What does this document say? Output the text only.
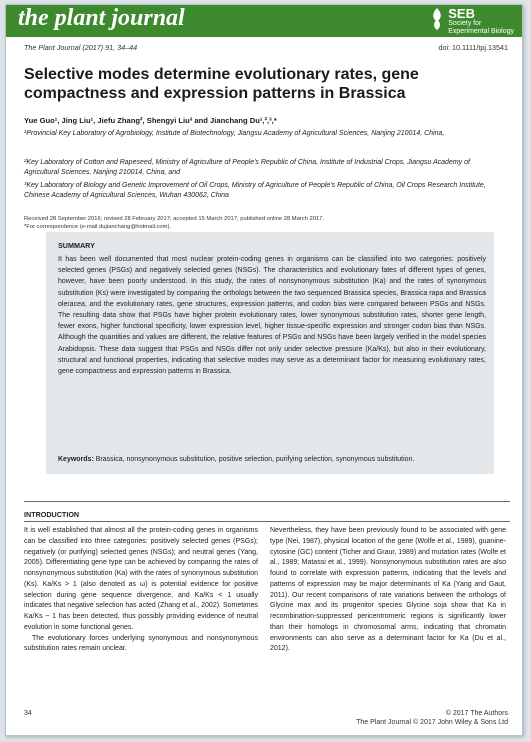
the plant journal	SEB
Society for
Experimental Biology
The Plant Journal (2017) 91, 34–44	doi: 10.1111/tpj.13541
Selective modes determine evolutionary rates, gene compactness and expression patterns in Brassica
Yue Guo¹, Jing Liu¹, Jiefu Zhang², Shengyi Liu³ and Jianchang Du¹,²,³,*
¹Provincial Key Laboratory of Agrobiology, Institute of Biotechnology, Jiangsu Academy of Agricultural Sciences, Nanjing 210014, China,
²Key Laboratory of Cotton and Rapeseed, Ministry of Agriculture of People's Republic of China, Institute of Industrial Crops, Jiangsu Academy of Agricultural Sciences, Nanjing 210014, China, and
³Key Laboratory of Biology and Genetic Improvement of Oil Crops, Ministry of Agriculture of People's Republic of China, Oil Crops Research Institute, Chinese Academy of Agricultural Sciences, Wuhan 430062, China
Received 28 September 2016; revised 28 February 2017; accepted 15 March 2017; published online 28 March 2017.
*For correspondence (e-mail dujianchang@hotmail.com).
SUMMARY
It has been well documented that most nuclear protein-coding genes in organisms can be classified into two categories: positively selected genes (PSGs) and negatively selected genes (NSGs). The characteristics and evolutionary fates of different types of genes, however, have been poorly understood. In this study, the rates of nonsynonymous substitution (Ka) and the rates of synonymous substitution (Ks) were investigated by comparing the orthologs between the two sequenced Brassica species, Brassica rapa and Brassica oleracea, and the evolutionary rates, gene structures, expression patterns, and codon bias were compared between PSGs and NSGs. The resulting data show that PSGs have higher protein evolutionary rates, lower synonymous substitution rates, shorter gene length, fewer exons, higher functional specificity, lower expression level, higher tissue-specific expression and stronger codon bias than NSGs. Although the quantities and values are different, the relative features of PSGs and NSGs have been largely verified in the model species Arabidopsis. These data suggest that PSGs and NSGs differ not only under selective pressure (Ka/Ks), but also in their evolutionary, structural and functional properties, indicating that selective modes may serve as a determinant factor for measuring evolutionary rates, gene compactness and expression patterns in Brassica.
Keywords: Brassica, nonsynonymous substitution, positive selection, purifying selection, synonymous substitution.
INTRODUCTION

It is well established that almost all the protein-coding genes in organisms can be classified into three categories: positively selected genes (PSGs); negatively (or purifying) selected genes (NSGs); and neutral genes (Yang, 2005). Differentiating gene type can be achieved by comparing the rates of nonsynonymous substitution (Ka) with the rates of synonymous substitution (Ks). Ka/Ks > 1 (also denoted as ω) is potential evidence for positive selection during gene sequence divergence, and Ka/Ks < 1 usually indicates that negative selection has acted (Zhang et al., 2002). Sometimes Ka/Ks ~ 1 has been detected, thus possibly providing evidence of neutral evolution in some functional genes.

The evolutionary forces underlying synonymous and nonsynonymous substitution rates remain unclear.

Nevertheless, they have been previously found to be associated with gene type (Nei, 1987), physical location of the gene (Wolfe et al., 1989), guanine-cytosine (GC) content (Ticher and Graur, 1989) and mutation rates (Wolfe et al., 1989; Matassi et al., 1999). Nonsynonymous substitution rates are also found to correlate with expression patterns, indicating that the levels and patterns of expression may be major determinants of Ka (Yang and Gaut, 2011). Our recent comparisons of rate variations between the orthologs of Glycine max and its progenitor species Glycine soja show that Ka in recombination-suppressed pericentromeric regions is significantly lower than their homologs in chromosomal arms, indicating that chromatin environments can also serve as a determinant factor for Ka (Du et al., 2012).

34	© 2017 The Authors
The Plant Journal © 2017 John Wiley & Sons Ltd
